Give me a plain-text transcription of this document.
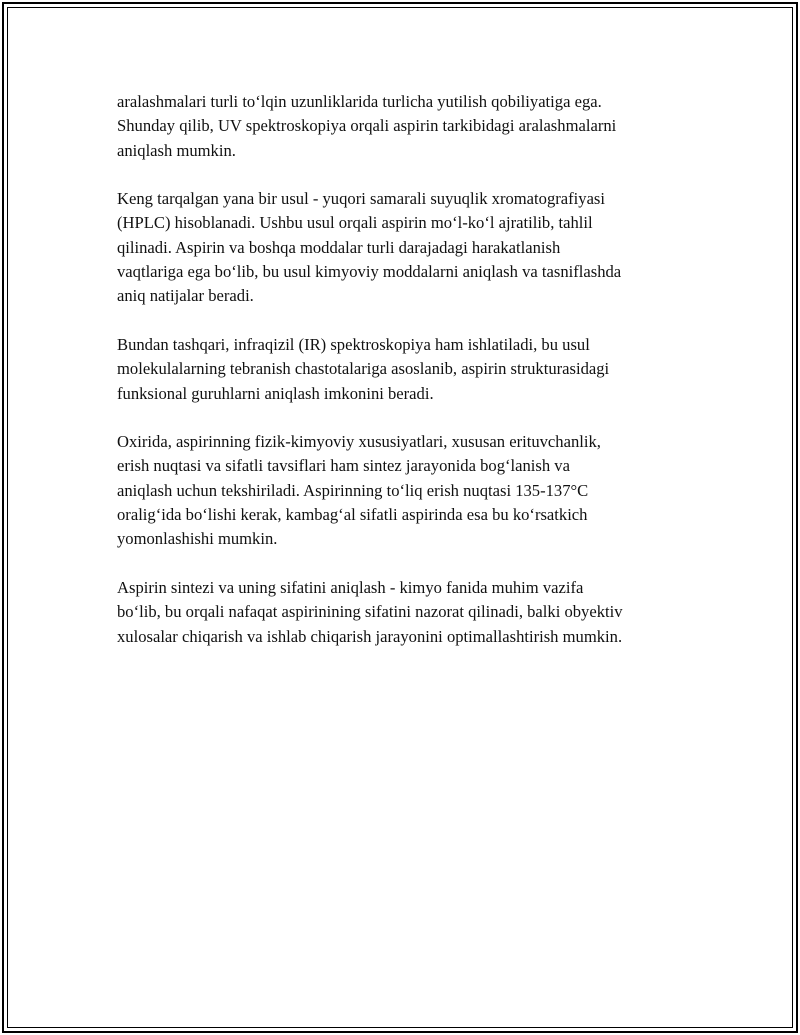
aralashmalari turli to‘lqin uzunliklarida turlicha yutilish qobiliyatiga ega.
Shunday qilib, UV spektroskopiya orqali aspirin tarkibidagi aralashmalarni
aniqlash mumkin.

Keng tarqalgan yana bir usul - yuqori samarali suyuqlik xromatografiyasi
(HPLC) hisoblanadi. Ushbu usul orqali aspirin mo‘l-ko‘l ajratilib, tahlil
qilinadi. Aspirin va boshqa moddalar turli darajadagi harakatlanish
vaqtlariga ega bo‘lib, bu usul kimyoviy moddalarni aniqlash va tasniflashda
aniq natijalar beradi.

Bundan tashqari, infraqizil (IR) spektroskopiya ham ishlatiladi, bu usul
molekulalarning tebranish chastotalariga asoslanib, aspirin strukturasidagi
funksional guruhlarni aniqlash imkonini beradi.

Oxirida, aspirinning fizik-kimyoviy xususiyatlari, xususan erituvchanlik,
erish nuqtasi va sifatli tavsiflari ham sintez jarayonida bog‘lanish va
aniqlash uchun tekshiriladi. Aspirinning to‘liq erish nuqtasi 135-137°C
oralig‘ida bo‘lishi kerak, kambag‘al sifatli aspirinda esa bu ko‘rsatkich
yomonlashishi mumkin.

Aspirin sintezi va uning sifatini aniqlash - kimyo fanida muhim vazifa
bo‘lib, bu orqali nafaqat aspirinining sifatini nazorat qilinadi, balki obyektiv
xulosalar chiqarish va ishlab chiqarish jarayonini optimallashtirish mumkin.
